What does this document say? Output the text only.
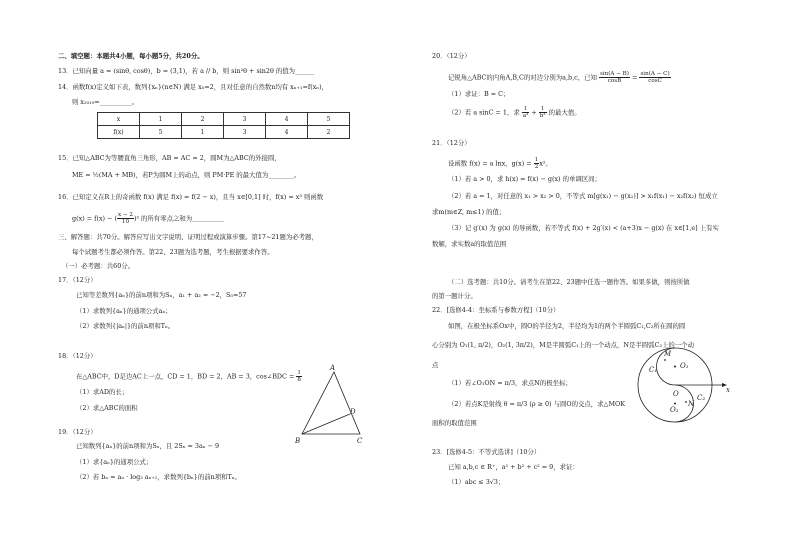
二、填空题：本题共4小题，每小题5分，共20分。
13．已知向量 a = (sinθ, cosθ)，b = (3,1)，若 a // b，则 sin²θ + sin2θ 的值为______
14．函数f(x)定义如下表，数列{xₙ}(n∈N) 满足 x₀=2，且对任意的自然数n均有 xₙ₊₁=f(xₙ)，
则 x₂₀₁₉=__________。
x	1	2	3	4	5
f(x)	5	1	3	4	2
15．已知△ABC为等腰直角三角形，AB = AC = 2，圆M为△ABC的外接圆，
ME = ½(MA + MB)，若P为圆M上的动点，则 PM·PE 的最大值为________。
16．已知定义在R上的奇函数 f(x) 满足 f(x) = f(2 − x)，且当 x∈[0,1] 时，f(x) = x³ 则函数
g(x) = f(x) − ( $\frac{x - 2}{10} )^3$ 的所有零点之和为__________
三、解答题：共70分。解答应写出文字说明、证明过程或演算步骤。第17~21题为必考题，
每个试题考生都必须作答。第22、23题为选考题，考生根据要求作答。
（一）必考题：共60分。
17．（12分）
已知等差数列{aₙ}的前n项和为Sₙ，a₁ + a₂ = −2，S₅=57
（1）求数列{aₙ}的通项公式aₙ；
（2）求数列{|aₙ|}的前n项和Tₙ。
18．（12分）
在△ABC中，D是边AC上一点，CD = 1，BD = 2，AB = 3，cos∠BDC = $\frac{1}{8}$
（1）求AD的长；
（2）求△ABC的面积
A
B	C
D
19．（12分）
已知数列{aₙ}的前n项和为Sₙ，且 2Sₙ = 3aₙ − 9
（1）求{aₙ}的通项公式；
（2）若 bₙ = aₙ · log₃ aₙ₊₁，求数列{bₙ}的前n项和Tₙ。
20．（12分）
记锐角△ABC的内角A,B,C的对边分别为a,b,c，已知 $\frac{\sin(A - B)}{\cos B} = \frac{\sin(A - C)}{\cos C}$
（1）求证：B = C；
（2）若 a sinC = 1，求 $\frac{1}{\text{a²}} + \frac{1}{\text{b²}}$ 的最大值。
21．（12分）
设函数 f(x) = a lnx，$g(x) = \frac{1}{2} x^2$。
（1）若 a > 0，求 h(x) = f(x) − g(x) 的单调区间；
（2）若 a = 1，对任意的 x₁ > x₂ > 0，不等式 m[g(x₁) − g(x₂)] > x₁f(x₁) − x₂f(x₂) 恒成立
求m(m∈Z, m≤1) 的值；
（3）记 g′(x) 为 g(x) 的导函数，若不等式 f(x) + 2g′(x) < (a+3)x − g(x) 在 x∈[1,e] 上有实
数解，求实数a的取值范围
（二）选考题：共10分。请考生在第22、23题中任选一题作答。如果多做，则按所做
的第一题计分。
22．[选修4-4：坐标系与参数方程]（10分）
如图，在极坐标系Ox中，圆O的半径为2，半径均为1的两个半圆弧C₁,C₂所在圆的圆
心分别为 O₁(1, π/2)，O₂(1, 3π/2)，M是半圆弧C₁上的一个动点，N是半圆弧C₂上的一个动
点
（1）若∠O₁ON = π/3，求点N的极坐标；
（2）若点K是射线 θ = π/3 (ρ ≥ 0) 与圆O的交点，求△MOK
面积的取值范围
M
C₁	O₁
O	x
N
O₂
C₂
23．[选修4-5：不等式选讲]（10分）
已知 a,b,c ∈ R⁺，a² + b² + c² = 9，求证：
（1）abc ≤ 3√3；
